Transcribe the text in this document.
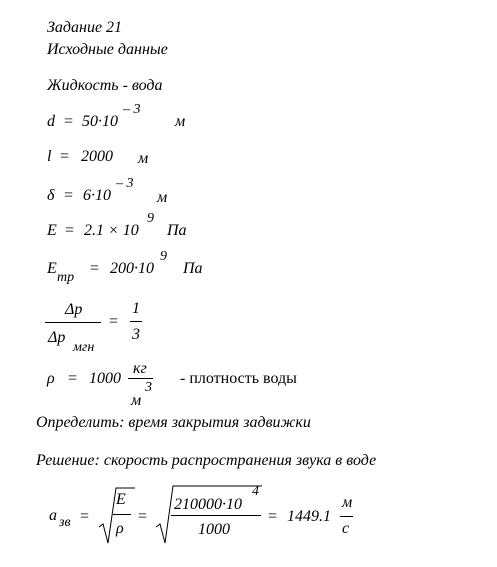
Задание 21
Исходные данные
Жидкость - вода
d = 50·10
– 3
м
l = 2000 м
δ = 6·10
– 3
м
E = 2.1 × 10
9
Па
E
тр
= 200·10
9
Па
Δp
Δp
мгн
=
1
3
ρ = 1000
кг
м
3
- плотность воды
Определить: время закрытия задвижки
Решение: скорость распространения звука в воде
a зв =
E
ρ
=
210000·10
4
1000
= 1449.1
м
с
